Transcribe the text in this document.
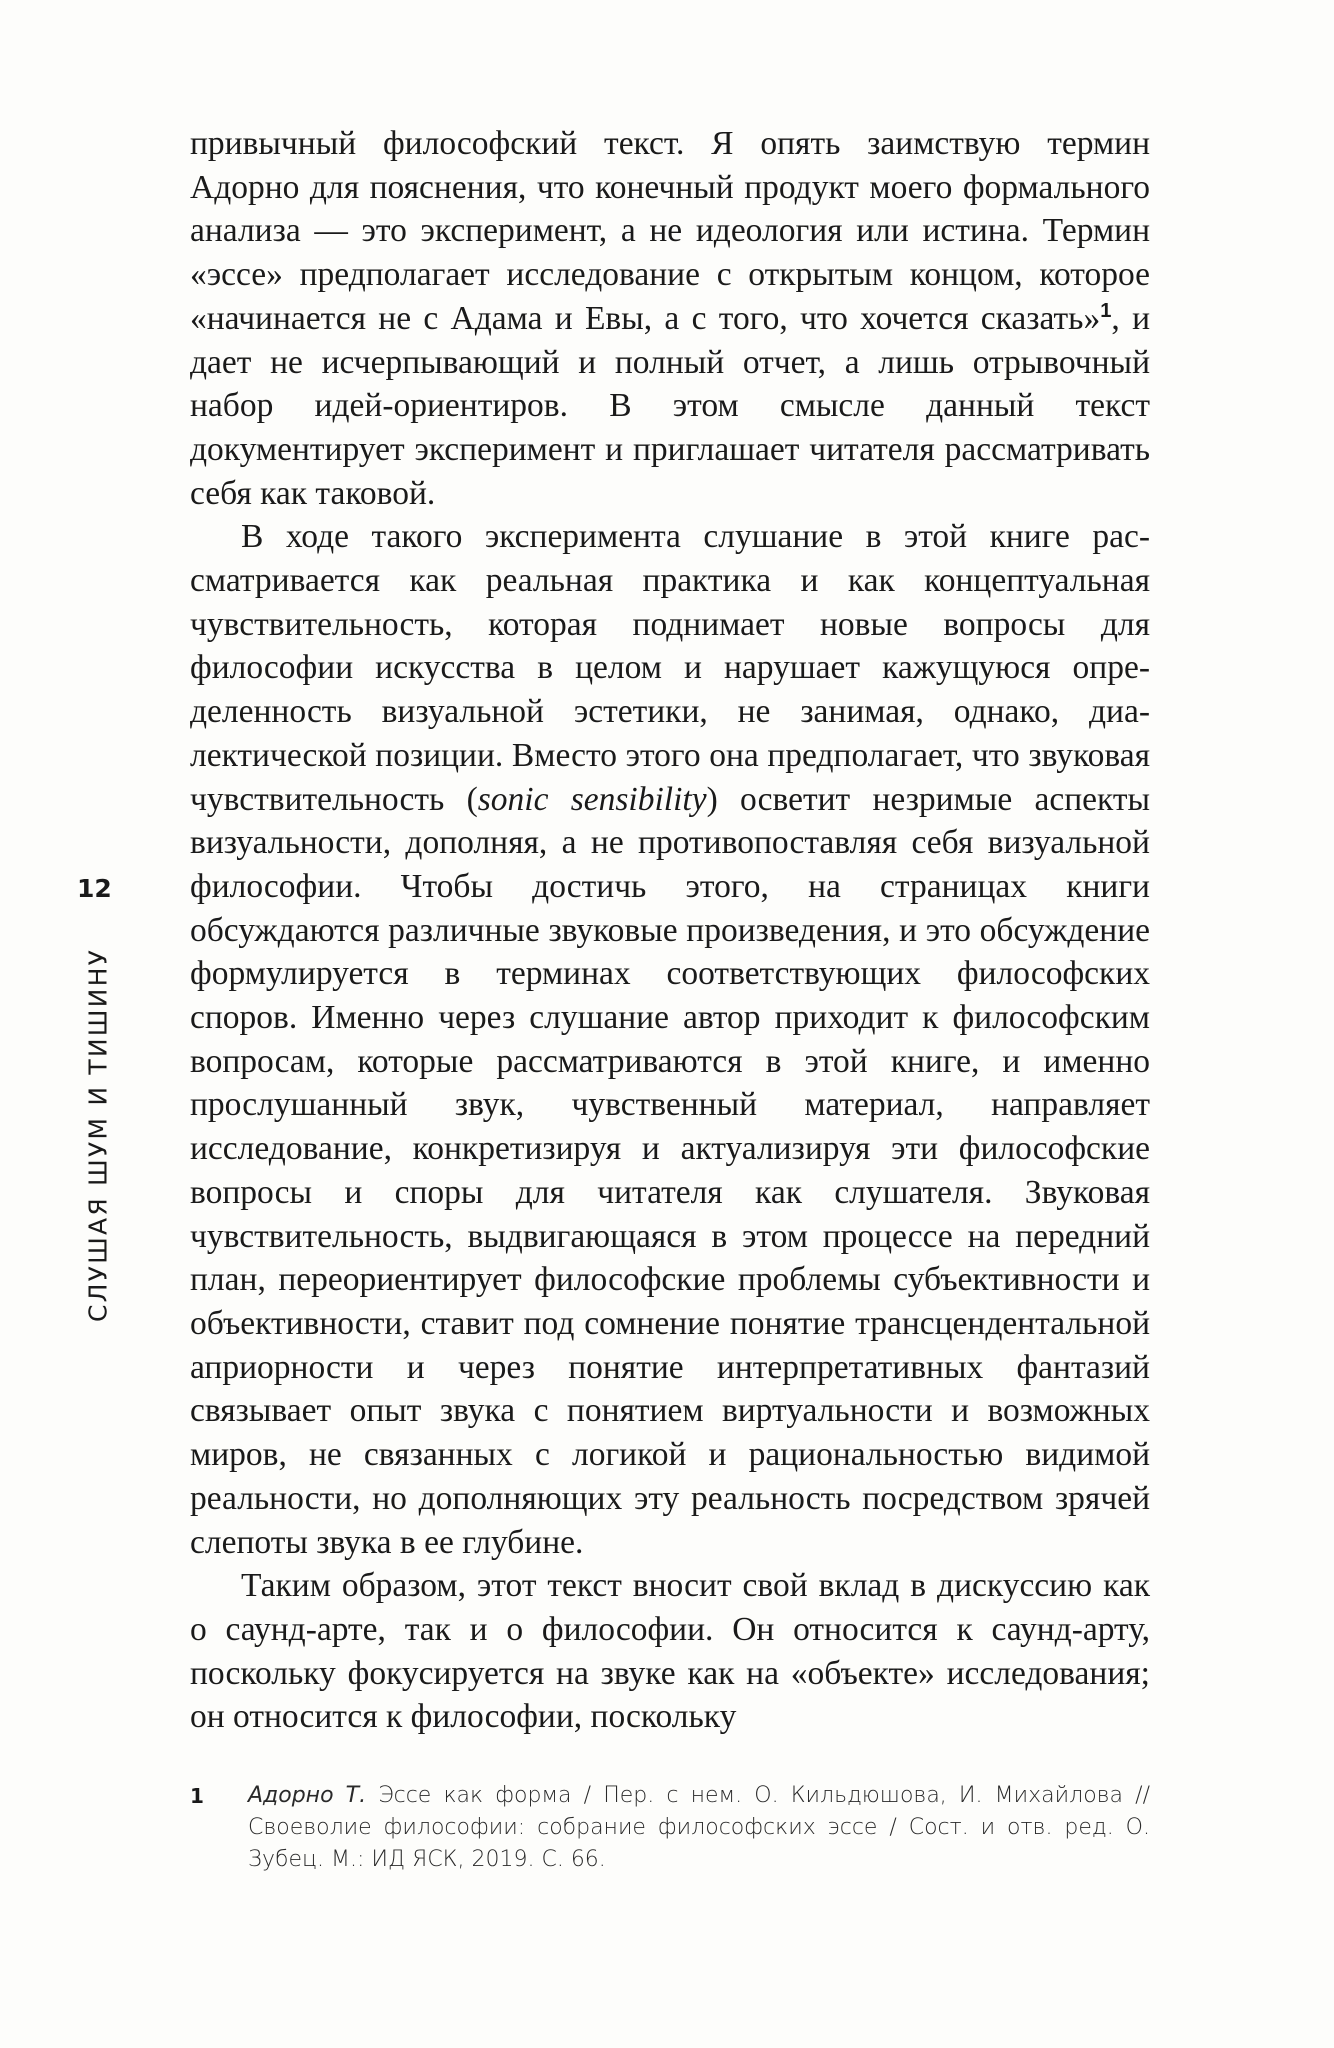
привычный философский текст. Я опять заимствую термин Адорно для пояснения, что конечный продукт моего формального анализа — это эксперимент, а не идеология или истина. Термин «эссе» предполагает исследование с открытым концом, которое «начинается не с Адама и Евы, а с того, что хочется сказать»$^1$, и дает не исчерпывающий и полный отчет, а лишь отрывочный набор идей-ориентиров. В этом смысле данный текст документирует эксперимент и приглашает читателя рассматривать себя как таковой.

В ходе такого эксперимента слушание в этой книге рассматривается как реальная практика и как концептуальная чувствительность, которая поднимает новые вопросы для философии искусства в целом и нарушает кажущуюся определенность визуальной эстетики, не занимая, однако, диалектической позиции. Вместо этого она предполагает, что звуковая чувствительность (sonic sensibility) осветит незримые аспекты визуальности, дополняя, а не противопоставляя себя визуальной философии. Чтобы достичь этого, на страницах книги обсуждаются различные звуковые произведения, и это обсуждение формулируется в терминах соответствующих философских споров. Именно через слушание автор приходит к философским вопросам, которые рассматриваются в этой книге, и именно прослушанный звук, чувственный материал, направляет исследование, конкретизируя и актуализируя эти философские вопросы и споры для читателя как слушателя. Звуковая чувствительность, выдвигающаяся в этом процессе на передний план, переориентирует философские проблемы субъективности и объективности, ставит под сомнение понятие трансцендентальной априорности и через понятие интерпретативных фантазий связывает опыт звука с понятием виртуальности и возможных миров, не связанных с логикой и рациональностью видимой реальности, но дополняющих эту реальность посредством зрячей слепоты звука в ее глубине.

Таким образом, этот текст вносит свой вклад в дискуссию как о саунд-арте, так и о философии. Он относится к саунд-арту, поскольку фокусируется на звуке как на «объекте» исследования; он относится к философии, поскольку

12
СЛУШАЯ ШУМ И ТИШИНУ
1 Адорно Т. Эссе как форма / Пер. с нем. О. Кильдюшова, И. Михайлова // Своеволие философии: собрание философских эссе / Сост. и отв. ред. О. Зубец. М.: ИД ЯСК, 2019. С. 66.
